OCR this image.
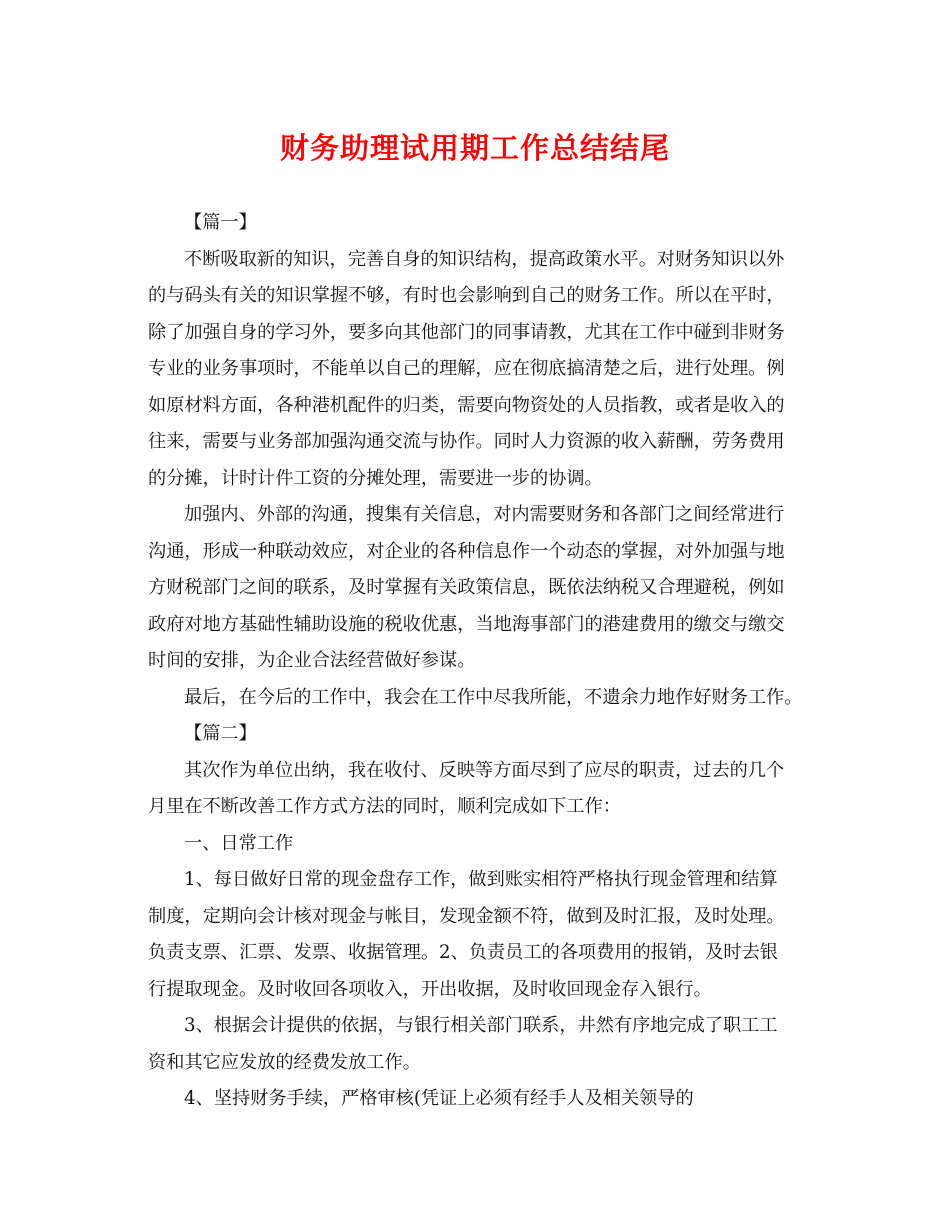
财务助理试用期工作总结结尾
【篇一】
不断吸取新的知识，完善自身的知识结构，提高政策水平。对财务知识以外
的与码头有关的知识掌握不够，有时也会影响到自己的财务工作。所以在平时，
除了加强自身的学习外，要多向其他部门的同事请教，尤其在工作中碰到非财务
专业的业务事项时，不能单以自己的理解，应在彻底搞清楚之后，进行处理。例
如原材料方面，各种港机配件的归类，需要向物资处的人员指教，或者是收入的
往来，需要与业务部加强沟通交流与协作。同时人力资源的收入薪酬，劳务费用
的分摊，计时计件工资的分摊处理，需要进一步的协调。
加强内、外部的沟通，搜集有关信息，对内需要财务和各部门之间经常进行
沟通，形成一种联动效应，对企业的各种信息作一个动态的掌握，对外加强与地
方财税部门之间的联系，及时掌握有关政策信息，既依法纳税又合理避税，例如
政府对地方基础性辅助设施的税收优惠，当地海事部门的港建费用的缴交与缴交
时间的安排，为企业合法经营做好参谋。
最后，在今后的工作中，我会在工作中尽我所能，不遗余力地作好财务工作。
【篇二】
其次作为单位出纳，我在收付、反映等方面尽到了应尽的职责，过去的几个
月里在不断改善工作方式方法的同时，顺利完成如下工作：
一、日常工作
1、每日做好日常的现金盘存工作，做到账实相符严格执行现金管理和结算
制度，定期向会计核对现金与帐目，发现金额不符，做到及时汇报，及时处理。
负责支票、汇票、发票、收据管理。2、负责员工的各项费用的报销，及时去银
行提取现金。及时收回各项收入，开出收据，及时收回现金存入银行。
3、根据会计提供的依据，与银行相关部门联系，井然有序地完成了职工工
资和其它应发放的经费发放工作。
4、坚持财务手续，严格审核(凭证上必须有经手人及相关领导的
